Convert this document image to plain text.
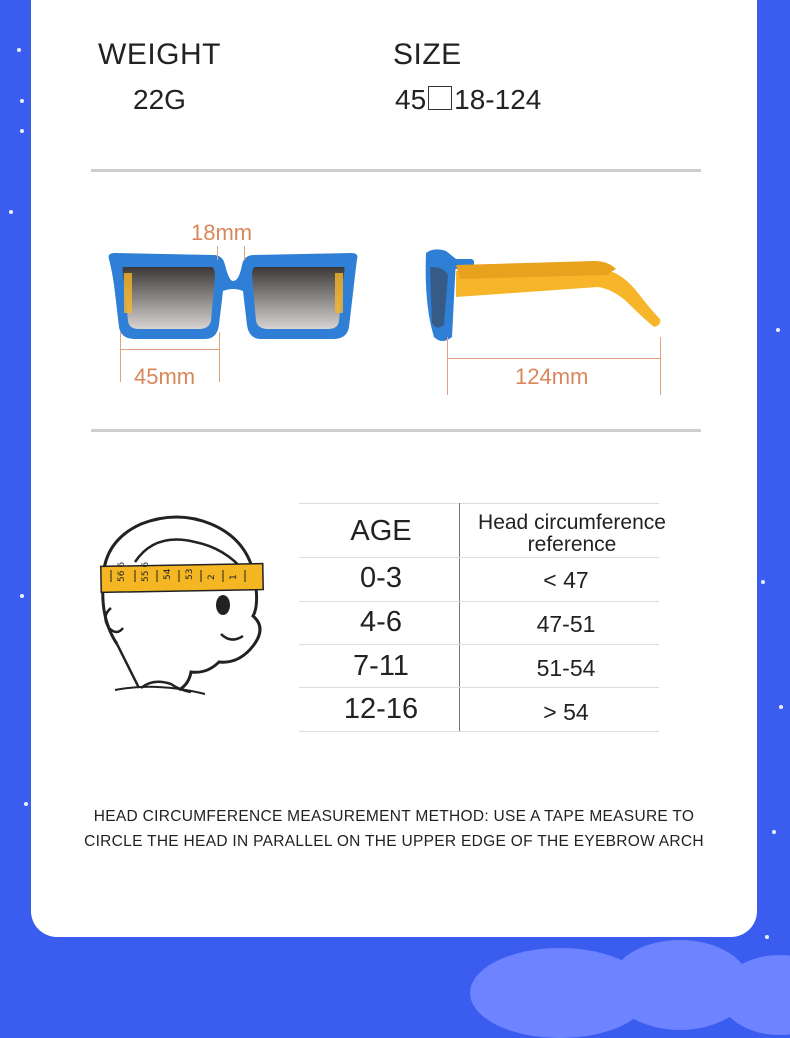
WEIGHT
22G
SIZE
45 18-124
18mm
45mm	124mm
56 6 55 6 54 53 2 1
AGE	Head circumference
reference
0-3	< 47
4-6	47-51
7-11	51-54
12-16	> 54
HEAD CIRCUMFERENCE MEASUREMENT METHOD: USE A TAPE MEASURE TO
CIRCLE THE HEAD IN PARALLEL ON THE UPPER EDGE OF THE EYEBROW ARCH
